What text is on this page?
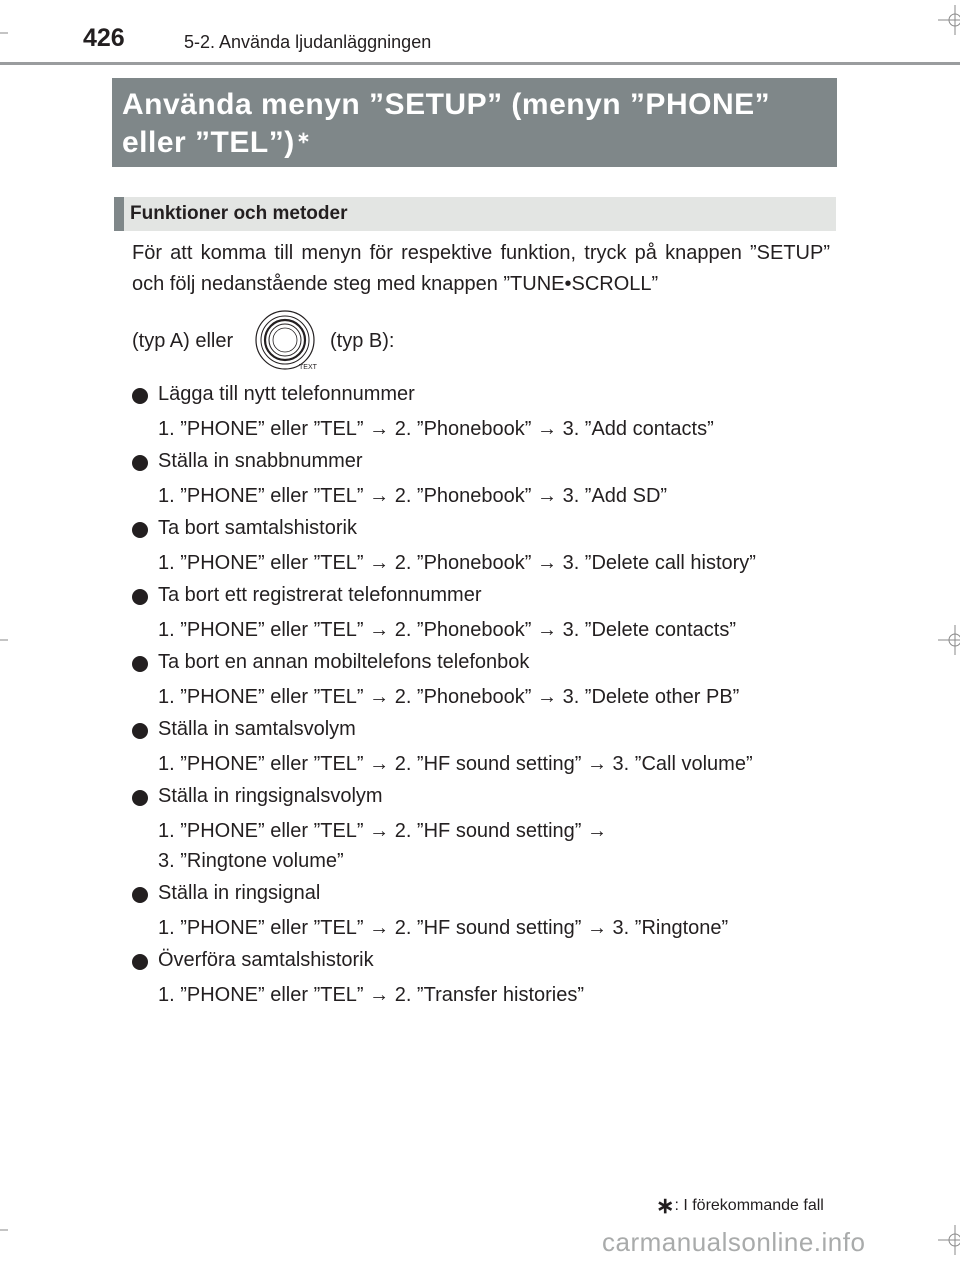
426	5-2. Använda ljudanläggningen
Använda menyn ”SETUP” (menyn ”PHONE”
eller ”TEL”) ∗
Funktioner och metoder
För att komma till menyn för respektive funktion, tryck på knappen ”SETUP” och följ nedanstående steg med knappen ”TUNE•SCROLL”
(typ A) eller
TEXT
(typ B):
Lägga till nytt telefonnummer
1. ”PHONE” eller ”TEL” → 2. ”Phonebook” → 3. ”Add contacts”
Ställa in snabbnummer
1. ”PHONE” eller ”TEL” → 2. ”Phonebook” → 3. ”Add SD”
Ta bort samtalshistorik
1. ”PHONE” eller ”TEL” → 2. ”Phonebook” → 3. ”Delete call history”
Ta bort ett registrerat telefonnummer
1. ”PHONE” eller ”TEL” → 2. ”Phonebook” → 3. ”Delete contacts”
Ta bort en annan mobiltelefons telefonbok
1. ”PHONE” eller ”TEL” → 2. ”Phonebook” → 3. ”Delete other PB”
Ställa in samtalsvolym
1. ”PHONE” eller ”TEL” → 2. ”HF sound setting” → 3. ”Call volume”
Ställa in ringsignalsvolym
1. ”PHONE” eller ”TEL” → 2. ”HF sound setting” →
3. ”Ringtone volume”
Ställa in ringsignal
1. ”PHONE” eller ”TEL” → 2. ”HF sound setting” → 3. ”Ringtone”
Överföra samtalshistorik
1. ”PHONE” eller ”TEL” → 2. ”Transfer histories”
∗: I förekommande fall
carmanualsonline.info
